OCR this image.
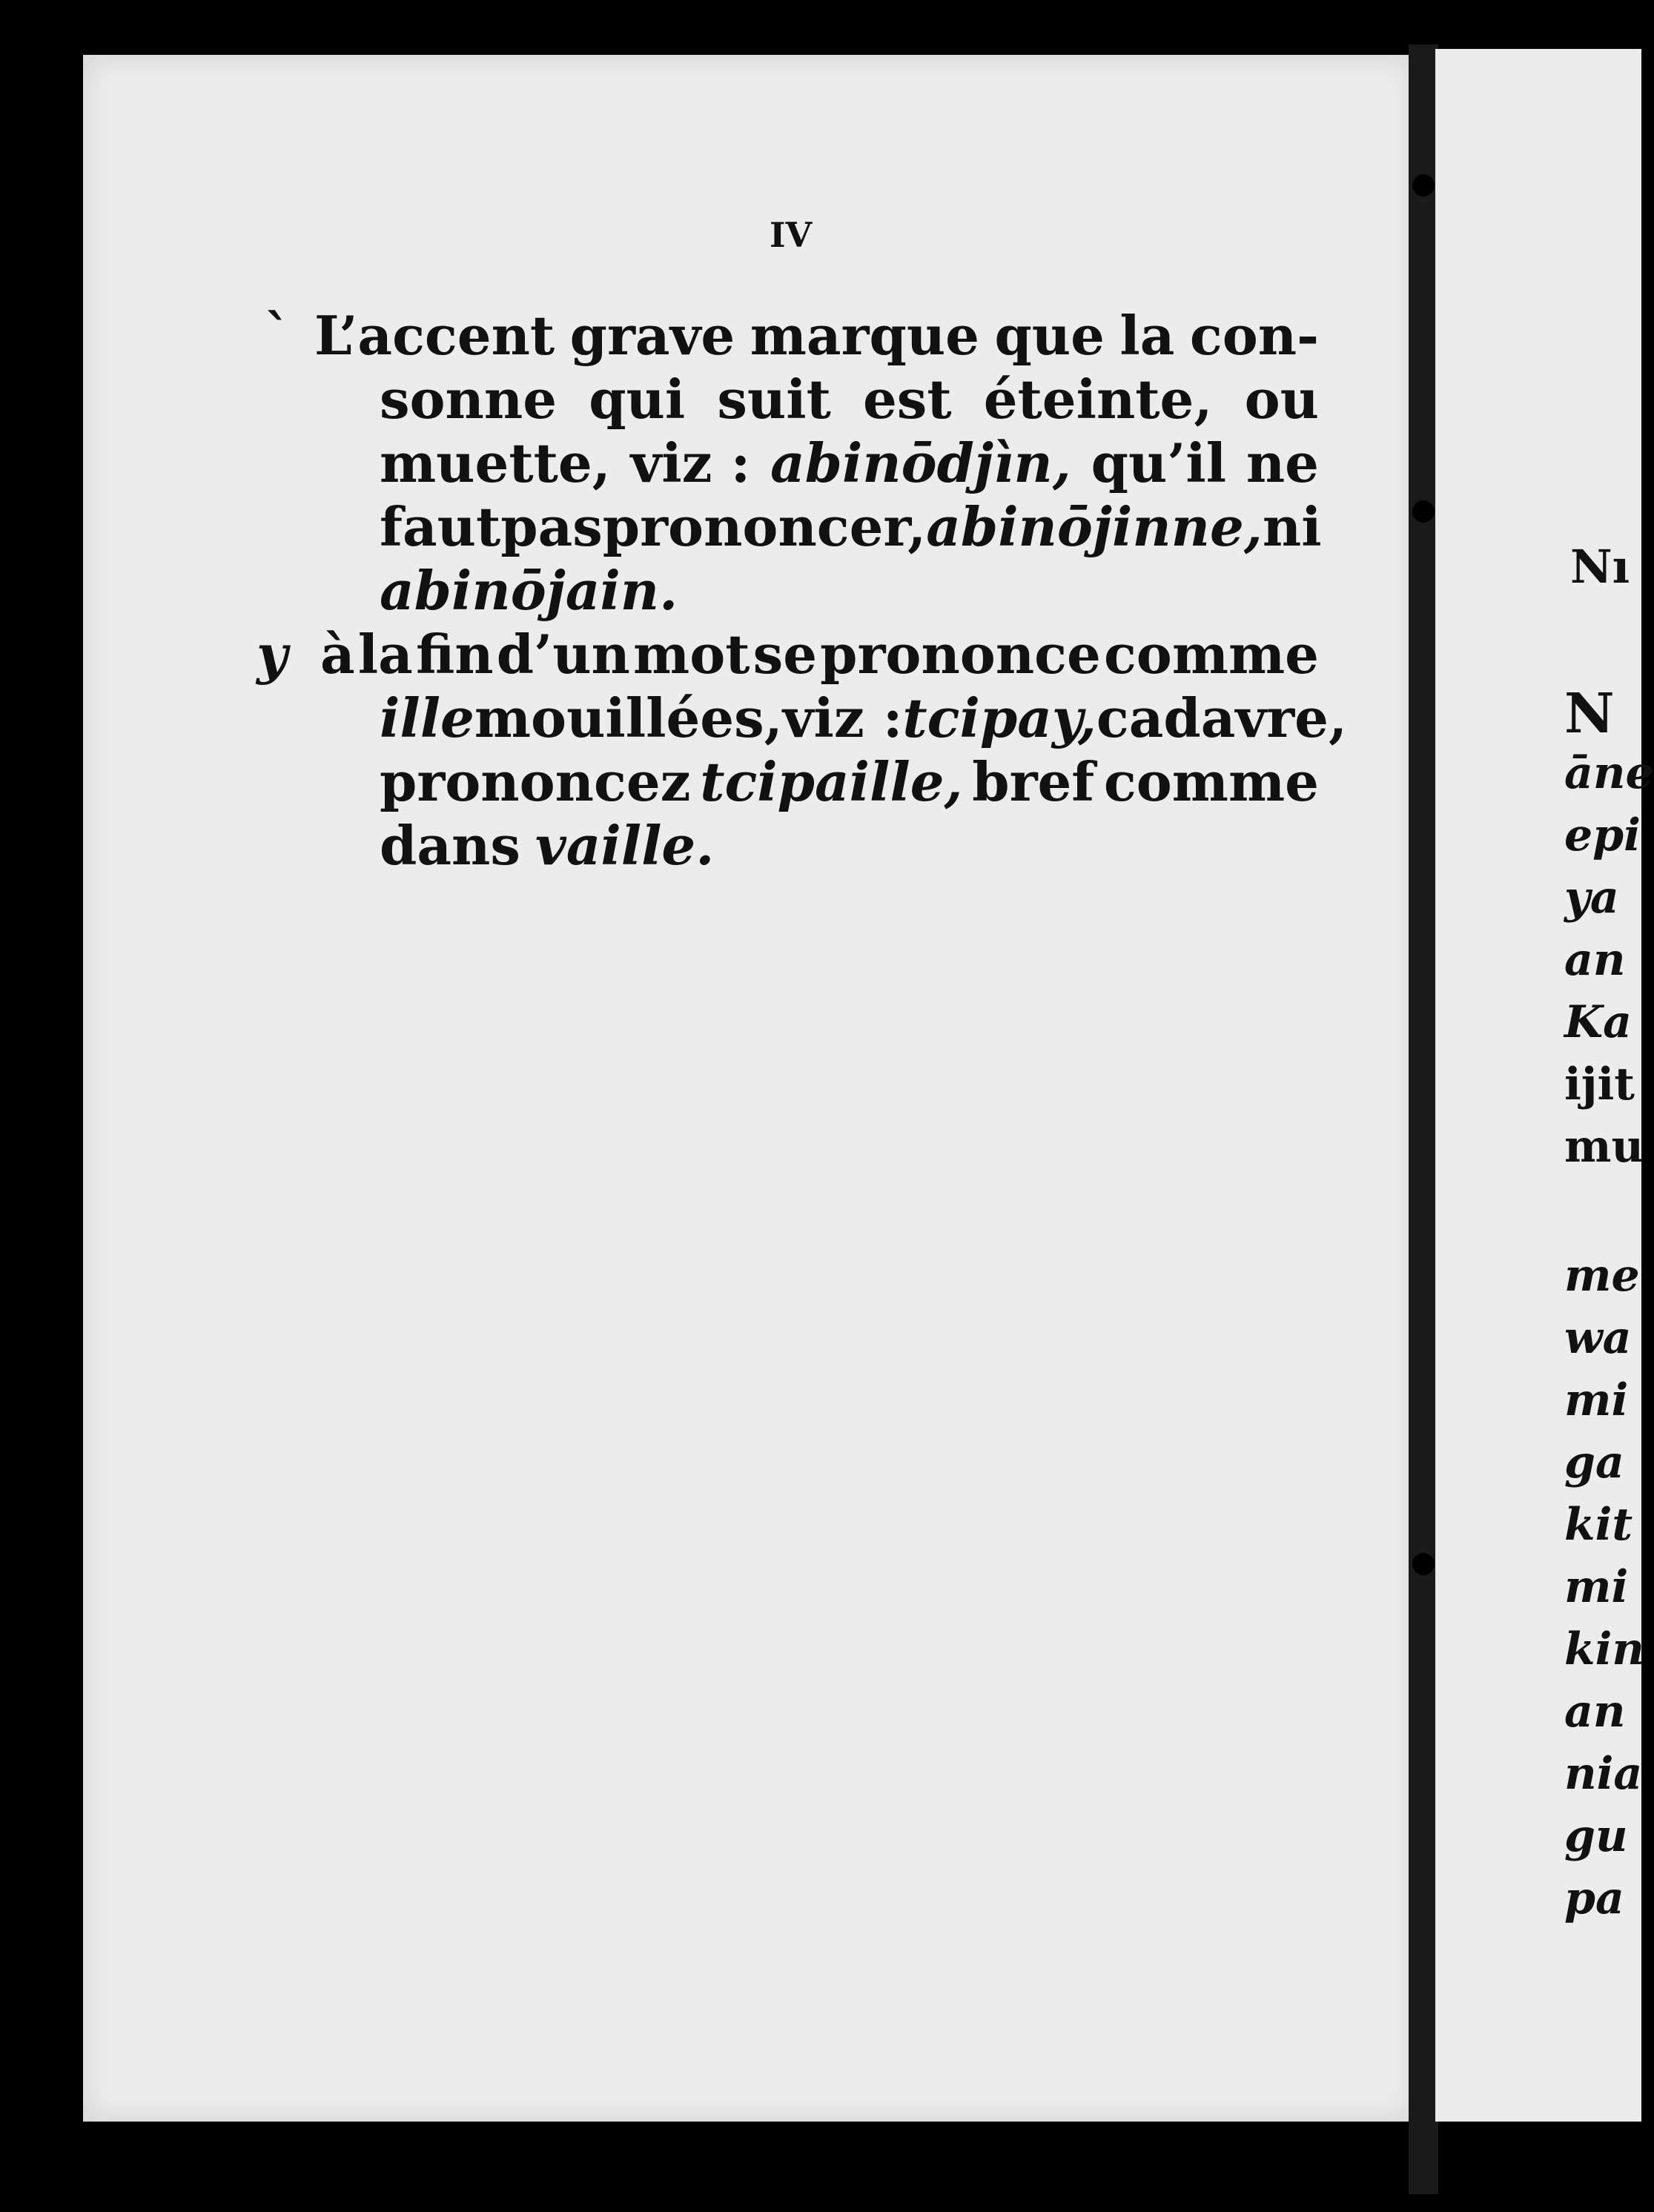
IV
` L’accent grave marque que la con-
sonne qui suit est éteinte, ou
muette, viz : abinōdjìn, qu’il ne
faut pas prononcer, abinōjinne, ni
abinōjain.
y à la fin d’un mot se prononce comme
ille mouillées, viz : tcipay, cadavre,
prononcez tcipaille, bref comme
dans vaille.
Nı
N
āne
epi
ya
an
Ka
ijit
mu
me
wa
mi
ga
kit
mi
kin
an
nia
gu
pa
